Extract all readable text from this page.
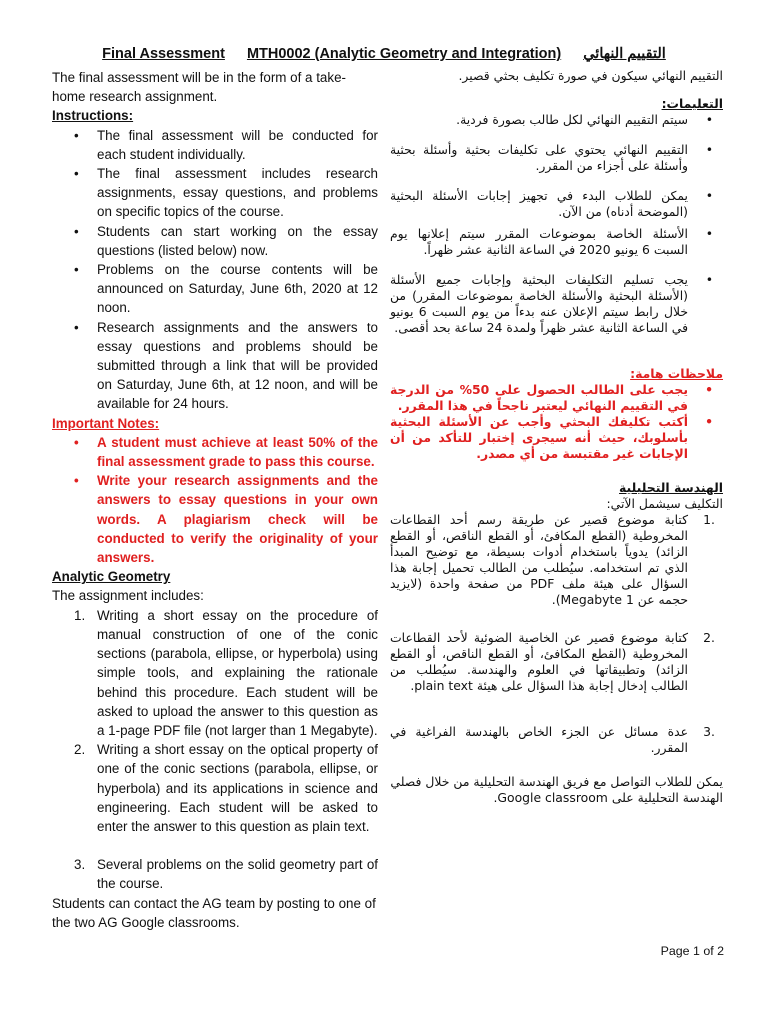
Final Assessment MTH0002 (Analytic Geometry and Integration) التقييم النهائي
The final assessment will be in the form of a take-home research assignment.
Instructions:
• The final assessment will be conducted for each student individually.
• The final assessment includes research assignments, essay questions, and problems on specific topics of the course.
• Students can start working on the essay questions (listed below) now.
• Problems on the course contents will be announced on Saturday, June 6th, 2020 at 12 noon.
• Research assignments and the answers to essay questions and problems should be submitted through a link that will be provided on Saturday, June 6th, at 12 noon, and will be available for 24 hours.
Important Notes:
• A student must achieve at least 50% of the final assessment grade to pass this course.
• Write your research assignments and the answers to essay questions in your own words. A plagiarism check will be conducted to verify the originality of your answers.
Analytic Geometry
The assignment includes:
1. Writing a short essay on the procedure of manual construction of one of the conic sections (parabola, ellipse, or hyperbola) using simple tools, and explaining the rationale behind this procedure. Each student will be asked to upload the answer to this question as a 1-page PDF file (not larger than 1 Megabyte).
2. Writing a short essay on the optical property of one of the conic sections (parabola, ellipse, or hyperbola) and its applications in science and engineering. Each student will be asked to enter the answer to this question as plain text.
3. Several problems on the solid geometry part of the course.
Students can contact the AG team by posting to one of the two AG Google classrooms.
التقييم النهائي سيكون في صورة تكليف بحثي قصير.
التعليمات:
• سيتم التقييم النهائي لكل طالب بصورة فردية.
• التقييم النهائي يحتوي على تكليفات بحثية وأسئلة بحثية وأسئلة على أجزاء من المقرر.
• يمكن للطلاب البدء في تجهيز إجابات الأسئلة البحثية (الموضحة أدناه) من الآن.
• الأسئلة الخاصة بموضوعات المقرر سيتم إعلانها يوم السبت 6 يونيو 2020 في الساعة الثانية عشر ظهراً.
• يجب تسليم التكليفات البحثية وإجابات جميع الأسئلة (الأسئلة البحثية والأسئلة الخاصة بموضوعات المقرر) من خلال رابط سيتم الإعلان عنه بدءاً من يوم السبت 6 يونيو في الساعة الثانية عشر ظهراً ولمدة 24 ساعة بحد أقصى.
ملاحظات هامة:
• يجب على الطالب الحصول على 50% من الدرجة في التقييم النهائي ليعتبر ناجحاً في هذا المقرر.
• أكتب تكليفك البحثي وأجب عن الأسئلة البحثية بأسلوبك، حيث أنه سيجرى إختبار للتأكد من أن الإجابات غير مقتبسة من أي مصدر.
الهندسة التحليلية
التكليف سيشمل الآتي:
1.
كتابة موضوع قصير عن طريقة رسم أحد القطاعات المخروطية (القطع المكافئ، أو القطع الناقص، أو القطع الزائد) يدوياً باستخدام أدوات بسيطة، مع توضيح المبدأ الذي تم استخدامه. سيُطلب من الطالب تحميل إجابة هذا السؤال على هيئة ملف PDF من صفحة واحدة (لايزيد حجمه عن 1 Megabyte).
2.
كتابة موضوع قصير عن الخاصية الضوئية لأحد القطاعات المخروطية (القطع المكافئ، أو القطع الناقص، أو القطع الزائد) وتطبيقاتها في العلوم والهندسة. سيُطلب من الطالب إدخال إجابة هذا السؤال على هيئة plain text.
3.
عدة مسائل عن الجزء الخاص بالهندسة الفراغية في المقرر.
يمكن للطلاب التواصل مع فريق الهندسة التحليلية من خلال فصلي الهندسة التحليلية على Google classroom.
Page 1 of 2
